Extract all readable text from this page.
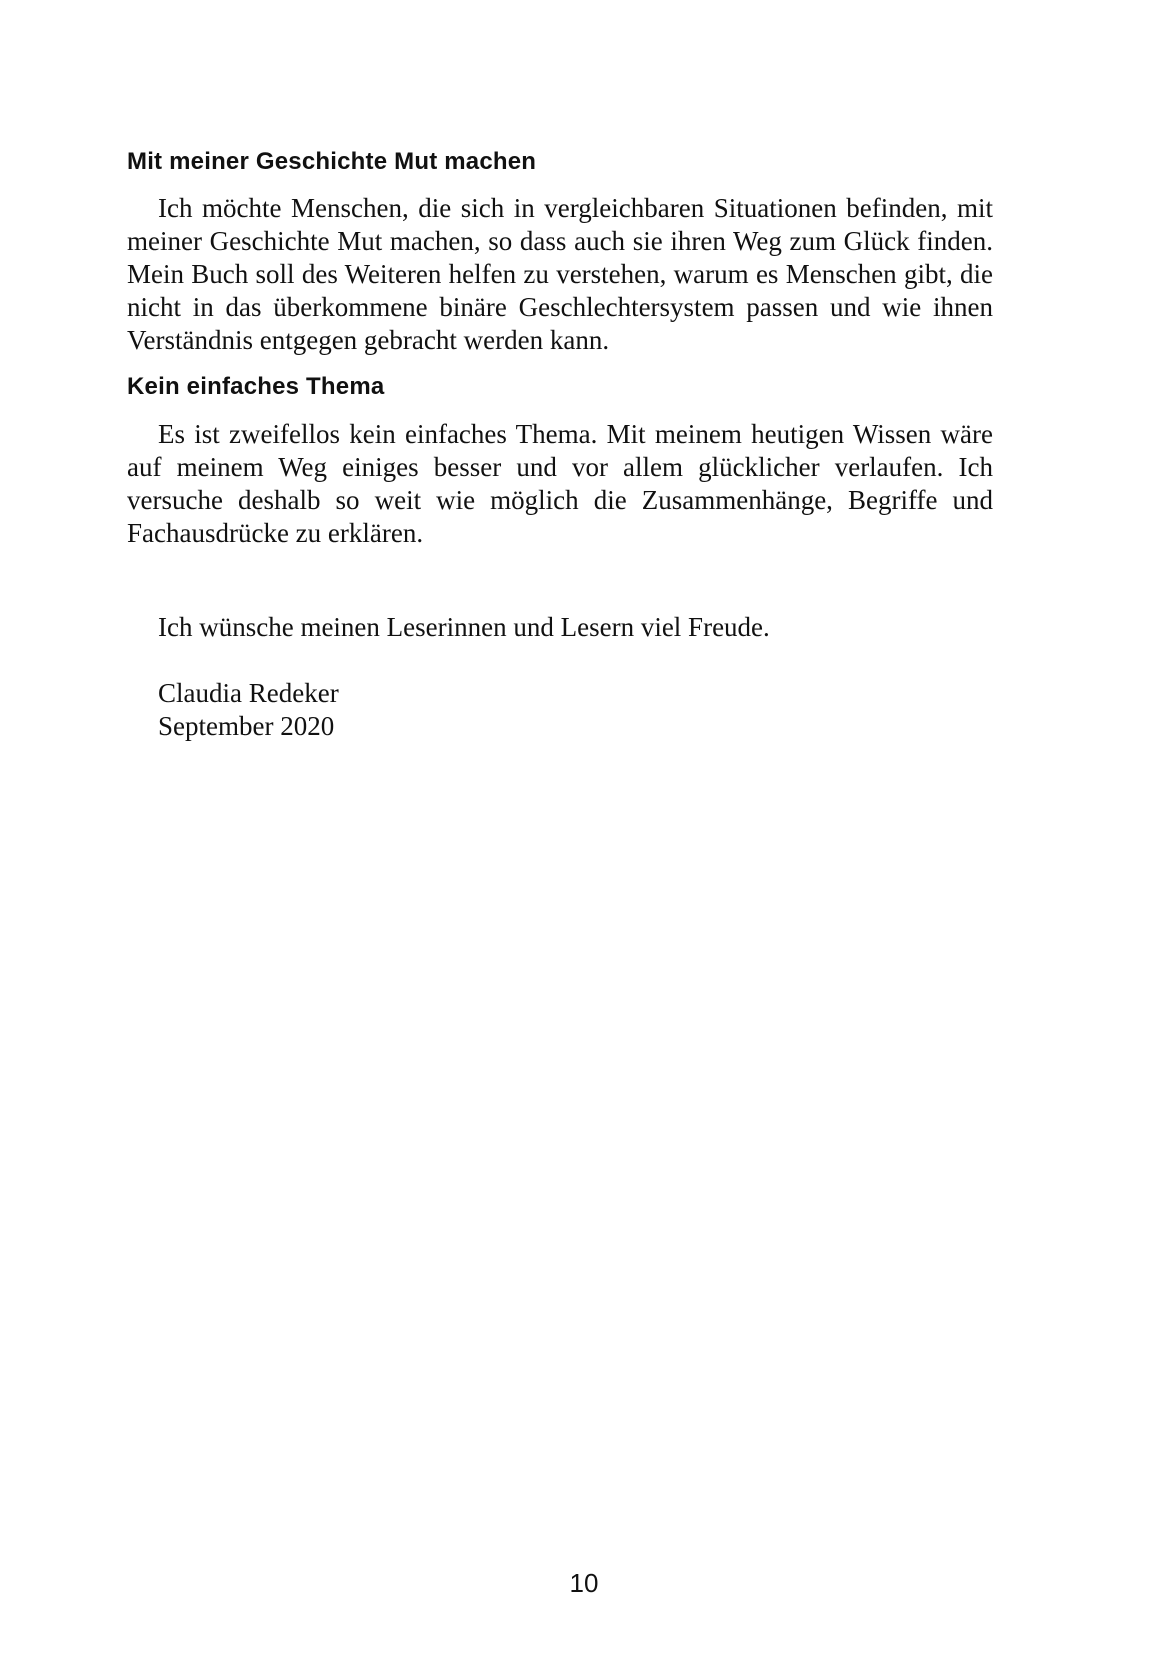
Mit meiner Geschichte Mut machen

Ich möchte Menschen, die sich in vergleichbaren Situationen befinden, mit meiner Geschichte Mut machen, so dass auch sie ihren Weg zum Glück finden. Mein Buch soll des Weiteren helfen zu verstehen, warum es Menschen gibt, die nicht in das überkommene binäre Geschlechtersystem passen und wie ihnen Verständnis entgegen gebracht werden kann.

Kein einfaches Thema

Es ist zweifellos kein einfaches Thema. Mit meinem heutigen Wissen wäre auf meinem Weg einiges besser und vor allem glücklicher verlaufen. Ich versuche deshalb so weit wie möglich die Zusammenhänge, Begriffe und Fachausdrücke zu erklären.

Ich wünsche meinen Leserinnen und Lesern viel Freude.

Claudia Redeker

September 2020

10
